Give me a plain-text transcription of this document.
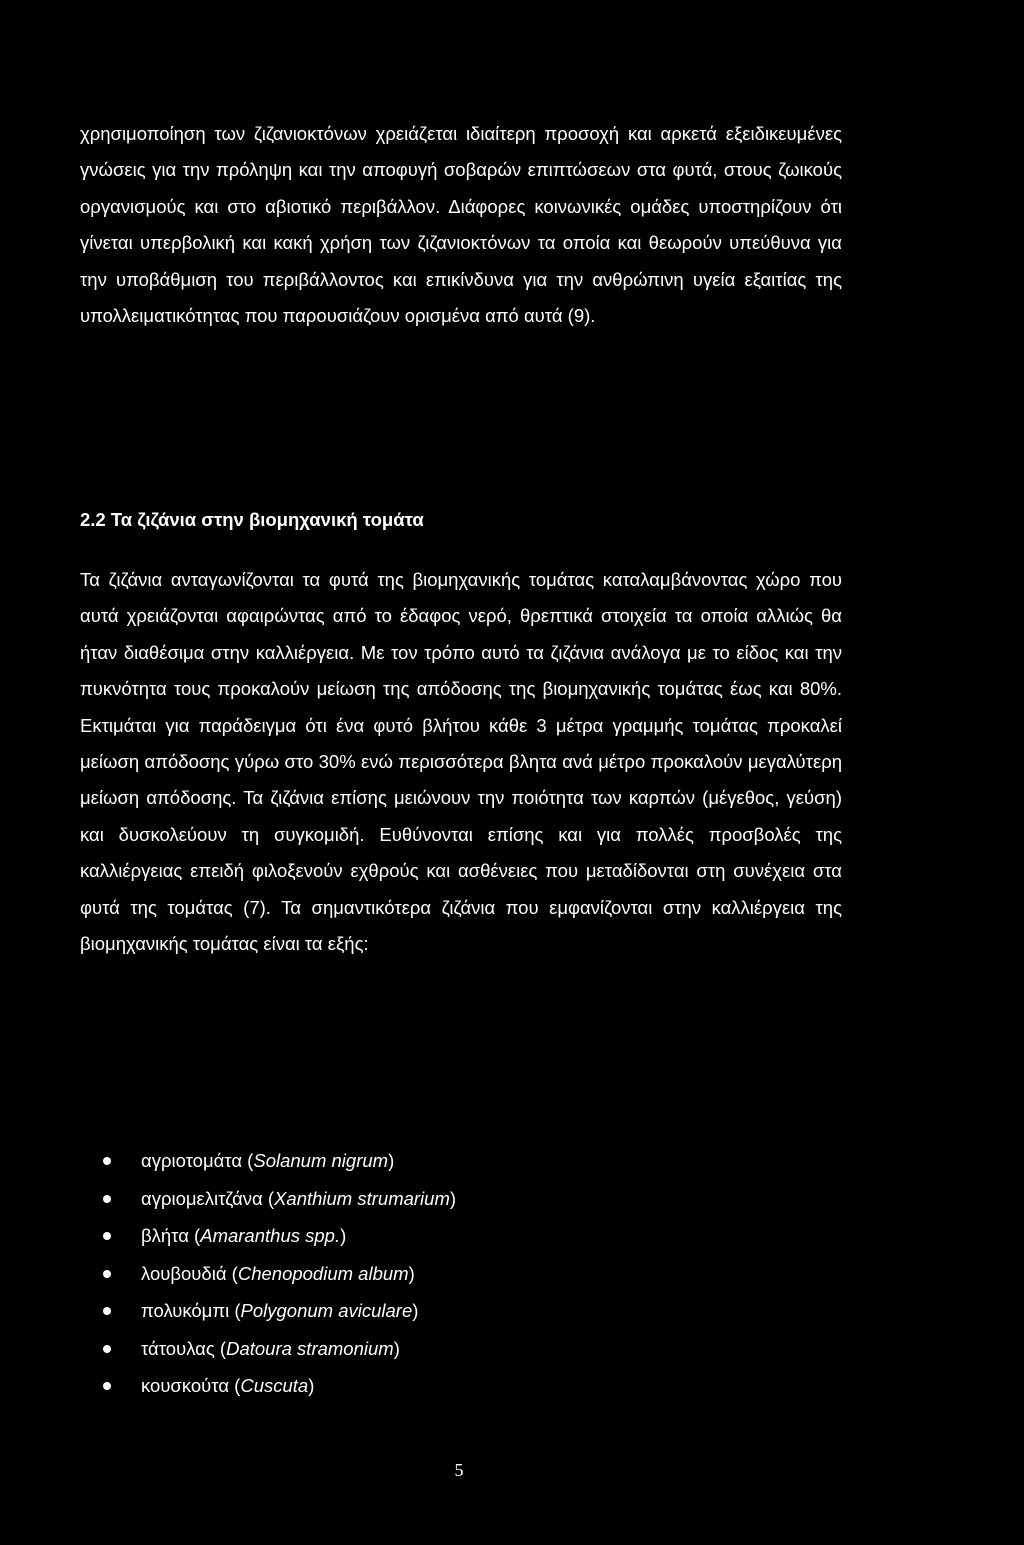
χρησιμοποίηση των ζιζανιοκτόνων χρειάζεται ιδιαίτερη προσοχή και αρκετά εξειδικευμένες γνώσεις για την πρόληψη και την αποφυγή σοβαρών επιπτώσεων στα φυτά, στους ζωικούς οργανισμούς και στο αβιοτικό περιβάλλον. Διάφορες κοινωνικές ομάδες υποστηρίζουν ότι γίνεται υπερβολική και κακή χρήση των ζιζανιοκτόνων τα οποία και θεωρούν υπεύθυνα για την υποβάθμιση του περιβάλλοντος και επικίνδυνα για την ανθρώπινη υγεία εξαιτίας της υπολλειματικότητας που παρουσιάζουν ορισμένα από αυτά (9).

2.2 Τα ζιζάνια στην βιομηχανική τομάτα

Τα ζιζάνια ανταγωνίζονται τα φυτά της βιομηχανικής τομάτας καταλαμβάνοντας χώρο που αυτά χρειάζονται αφαιρώντας από το έδαφος νερό, θρεπτικά στοιχεία τα οποία αλλιώς θα ήταν διαθέσιμα στην καλλιέργεια. Με τον τρόπο αυτό τα ζιζάνια ανάλογα με το είδος και την πυκνότητα τους προκαλούν μείωση της απόδοσης της βιομηχανικής τομάτας έως και 80%. Εκτιμάται για παράδειγμα ότι ένα φυτό βλήτου κάθε 3 μέτρα γραμμής τομάτας προκαλεί μείωση απόδοσης γύρω στο 30% ενώ περισσότερα βλητα ανά μέτρο προκαλούν μεγαλύτερη μείωση απόδοσης. Τα ζιζάνια επίσης μειώνουν την ποιότητα των καρπών (μέγεθος, γεύση) και δυσκολεύουν τη συγκομιδή. Ευθύνονται επίσης και για πολλές προσβολές της καλλιέργειας επειδή φιλοξενούν εχθρούς και ασθένειες που μεταδίδονται στη συνέχεια στα φυτά της τομάτας (7). Τα σημαντικότερα ζιζάνια που εμφανίζονται στην καλλιέργεια της βιομηχανικής τομάτας είναι τα εξής:

αγριοτομάτα (Solanum nigrum)
αγριομελιτζάνα (Xanthium strumarium)
βλήτα (Amaranthus spp.)
λουβουδιά (Chenopodium album)
πολυκόμπι (Polygonum aviculare)
τάτουλας (Datoura stramonium)
κουσκούτα (Cuscuta)
5
